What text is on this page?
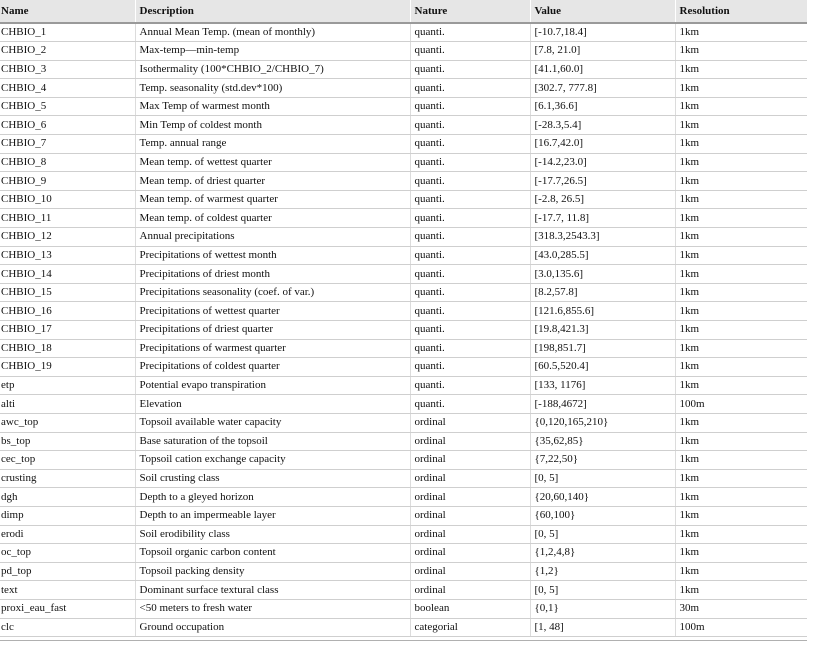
Name	Description	Nature	Value	Resolution
CHBIO_1	Annual Mean Temp. (mean of monthly)	quanti.	[-10.7,18.4]	1km
CHBIO_2	Max-temp—min-temp	quanti.	[7.8, 21.0]	1km
CHBIO_3	Isothermality (100*CHBIO_2/CHBIO_7)	quanti.	[41.1,60.0]	1km
CHBIO_4	Temp. seasonality (std.dev*100)	quanti.	[302.7, 777.8]	1km
CHBIO_5	Max Temp of warmest month	quanti.	[6.1,36.6]	1km
CHBIO_6	Min Temp of coldest month	quanti.	[-28.3,5.4]	1km
CHBIO_7	Temp. annual range	quanti.	[16.7,42.0]	1km
CHBIO_8	Mean temp. of wettest quarter	quanti.	[-14.2,23.0]	1km
CHBIO_9	Mean temp. of driest quarter	quanti.	[-17.7,26.5]	1km
CHBIO_10	Mean temp. of warmest quarter	quanti.	[-2.8, 26.5]	1km
CHBIO_11	Mean temp. of coldest quarter	quanti.	[-17.7, 11.8]	1km
CHBIO_12	Annual precipitations	quanti.	[318.3,2543.3]	1km
CHBIO_13	Precipitations of wettest month	quanti.	[43.0,285.5]	1km
CHBIO_14	Precipitations of driest month	quanti.	[3.0,135.6]	1km
CHBIO_15	Precipitations seasonality (coef. of var.)	quanti.	[8.2,57.8]	1km
CHBIO_16	Precipitations of wettest quarter	quanti.	[121.6,855.6]	1km
CHBIO_17	Precipitations of driest quarter	quanti.	[19.8,421.3]	1km
CHBIO_18	Precipitations of warmest quarter	quanti.	[198,851.7]	1km
CHBIO_19	Precipitations of coldest quarter	quanti.	[60.5,520.4]	1km
etp	Potential evapo transpiration	quanti.	[133, 1176]	1km
alti	Elevation	quanti.	[-188,4672]	100m
awc_top	Topsoil available water capacity	ordinal	{0,120,165,210}	1km
bs_top	Base saturation of the topsoil	ordinal	{35,62,85}	1km
cec_top	Topsoil cation exchange capacity	ordinal	{7,22,50}	1km
crusting	Soil crusting class	ordinal	[0, 5]	1km
dgh	Depth to a gleyed horizon	ordinal	{20,60,140}	1km
dimp	Depth to an impermeable layer	ordinal	{60,100}	1km
erodi	Soil erodibility class	ordinal	[0, 5]	1km
oc_top	Topsoil organic carbon content	ordinal	{1,2,4,8}	1km
pd_top	Topsoil packing density	ordinal	{1,2}	1km
text	Dominant surface textural class	ordinal	[0, 5]	1km
proxi_eau_fast	<50 meters to fresh water	boolean	{0,1}	30m
clc	Ground occupation	categorial	[1, 48]	100m
